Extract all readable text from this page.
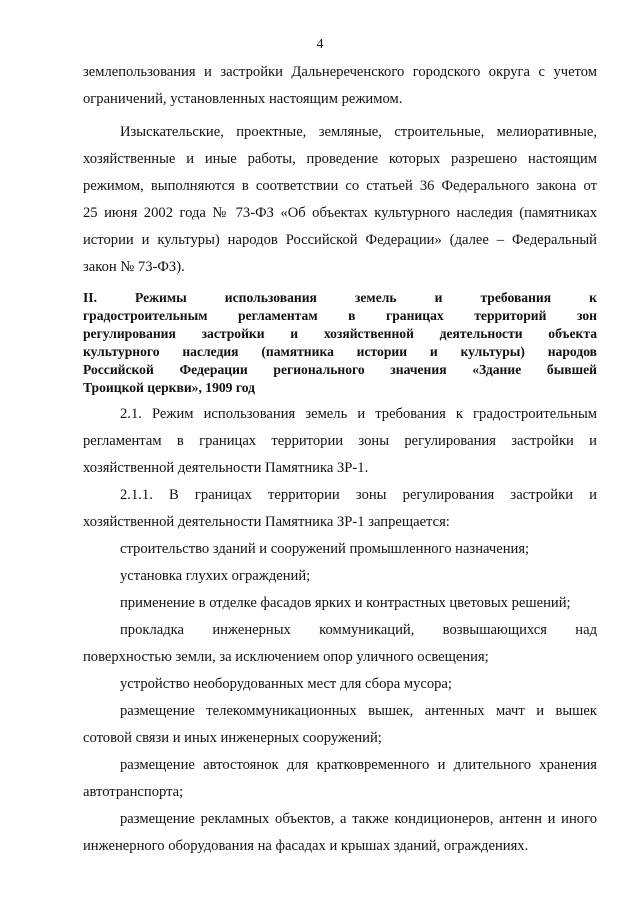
4
землепользования и застройки Дальнереченского городского округа с учетом
ограничений, установленных настоящим режимом.
Изыскательские, проектные, земляные, строительные, мелиоративные,
хозяйственные и иные работы, проведение которых разрешено настоящим
режимом, выполняются в соответствии со статьей 36 Федерального закона от
25 июня 2002 года № 73-ФЗ «Об объектах культурного наследия (памятниках
истории и культуры) народов Российской Федерации» (далее – Федеральный
закон № 73-ФЗ).
II. Режимы использования земель и требования к
градостроительным регламентам в границах территорий зон
регулирования застройки и хозяйственной деятельности объекта
культурного наследия (памятника истории и культуры) народов
Российской Федерации регионального значения «Здание бывшей
Троицкой церкви», 1909 год
2.1. Режим использования земель и требования к градостроительным
регламентам в границах территории зоны регулирования застройки и
хозяйственной деятельности Памятника ЗР-1.
2.1.1. В границах территории зоны регулирования застройки и
хозяйственной деятельности Памятника ЗР-1 запрещается:
строительство зданий и сооружений промышленного назначения;
установка глухих ограждений;
применение в отделке фасадов ярких и контрастных цветовых решений;
прокладка инженерных коммуникаций, возвышающихся над
поверхностью земли, за исключением опор уличного освещения;
устройство необорудованных мест для сбора мусора;
размещение телекоммуникационных вышек, антенных мачт и вышек
сотовой связи и иных инженерных сооружений;
размещение автостоянок для кратковременного и длительного хранения
автотранспорта;
размещение рекламных объектов, а также кондиционеров, антенн и иного
инженерного оборудования на фасадах и крышах зданий, ограждениях.
